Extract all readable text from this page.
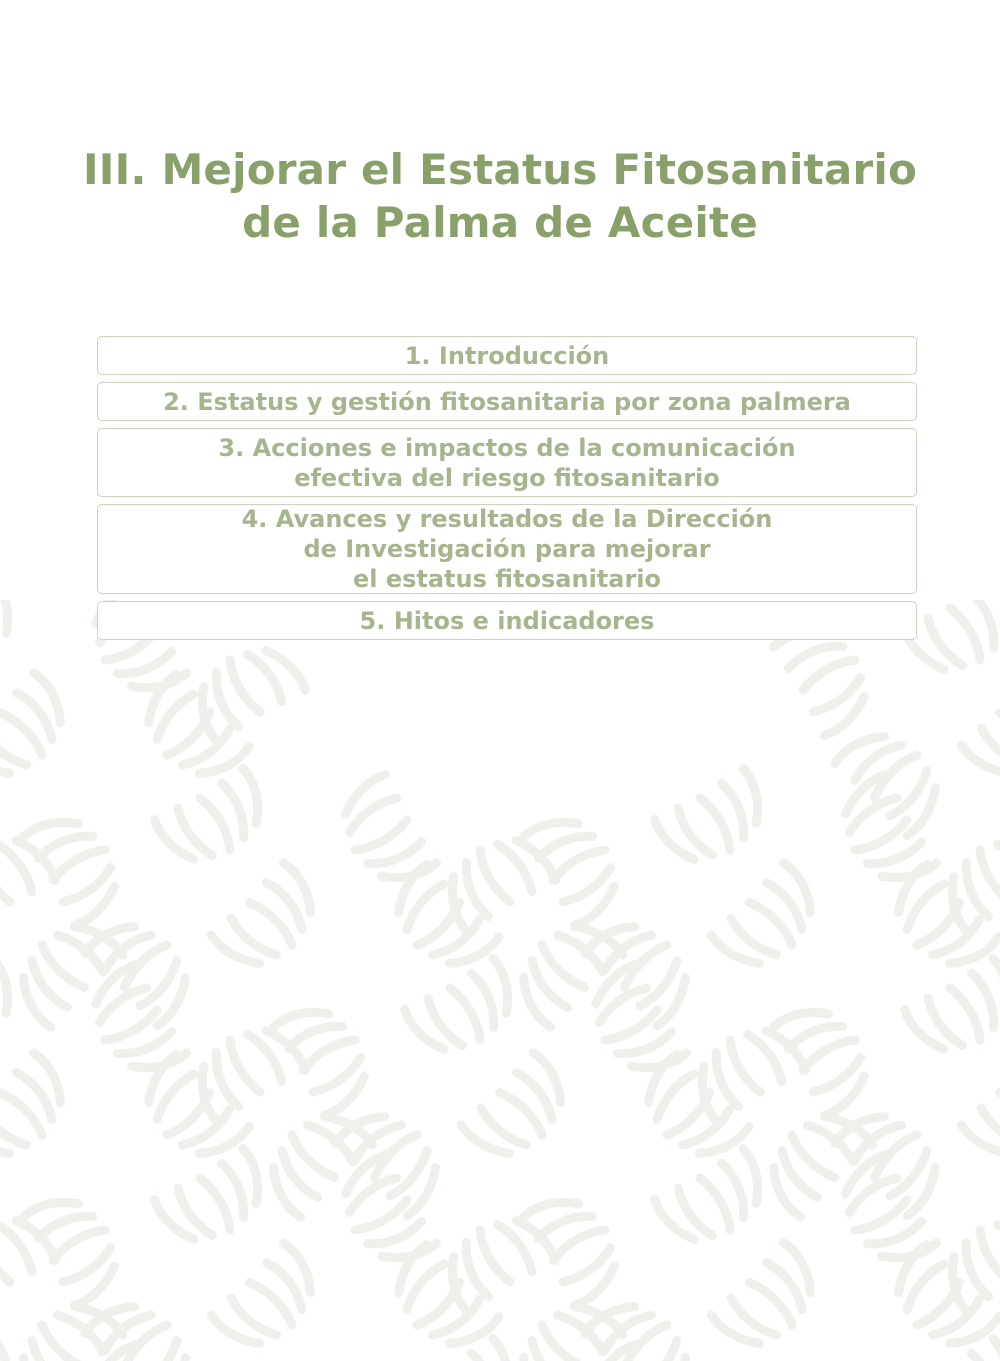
III. Mejorar el Estatus Fitosanitario
de la Palma de Aceite
1. Introducción
2. Estatus y gestión fitosanitaria por zona palmera
3. Acciones e impactos de la comunicación
efectiva del riesgo fitosanitario
4. Avances y resultados de la Dirección
de Investigación para mejorar
el estatus fitosanitario
5. Hitos e indicadores
